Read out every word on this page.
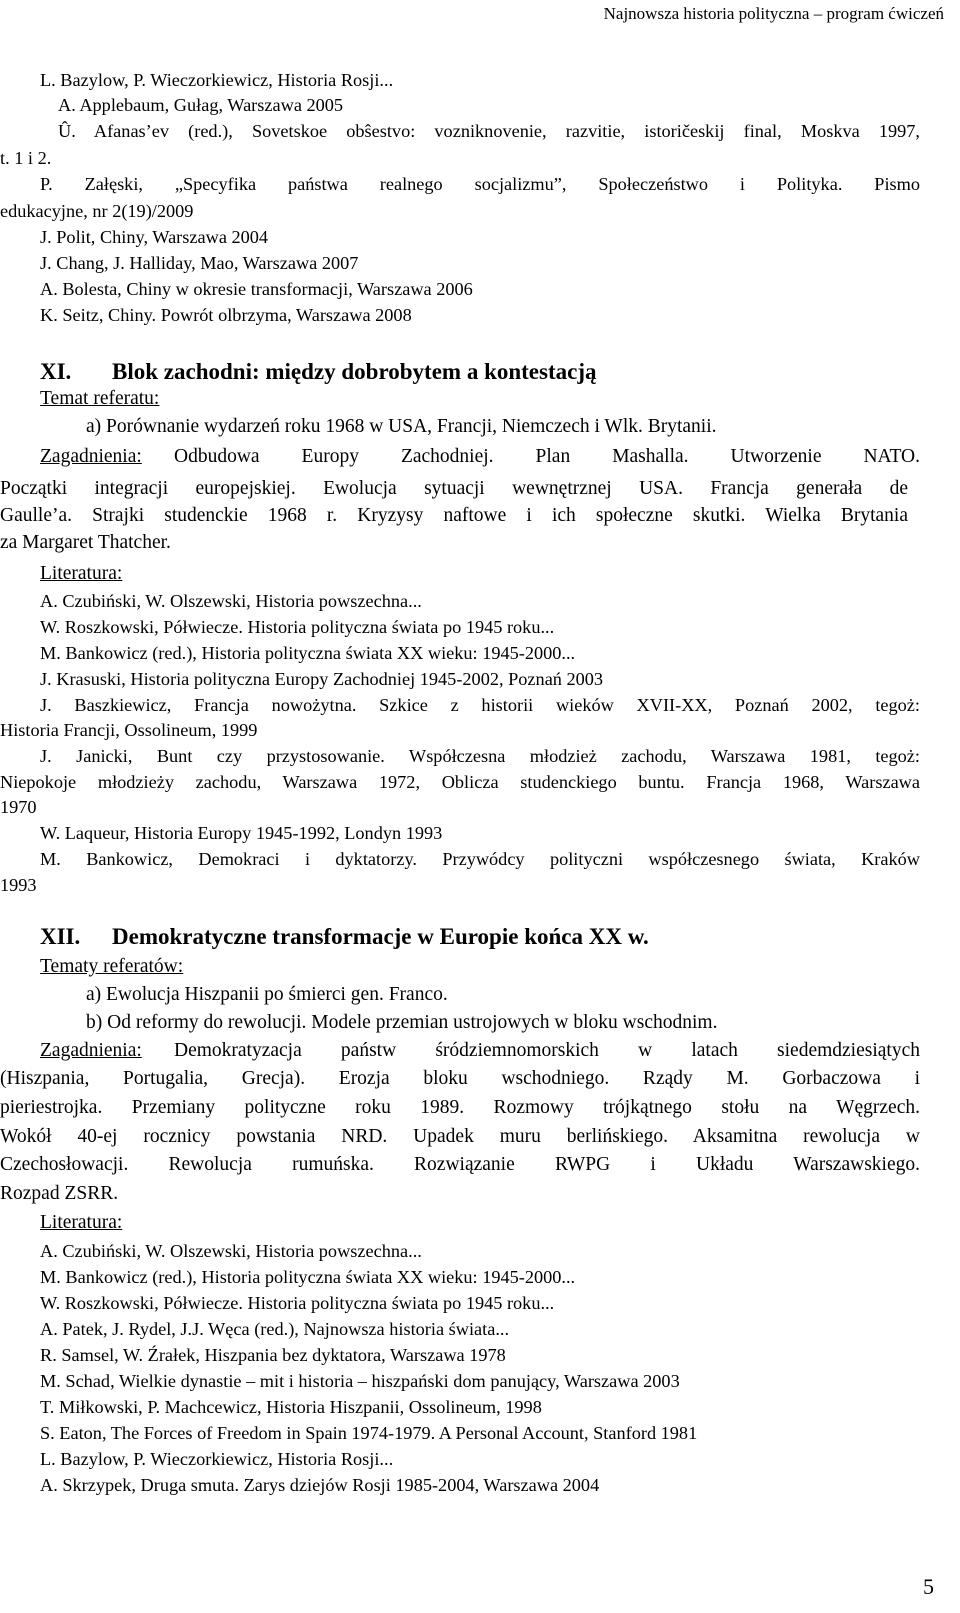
Najnowsza historia polityczna – program ćwiczeń
L. Bazylow, P. Wieczorkiewicz, Historia Rosji...
A. Applebaum, Gułag, Warszawa 2005
Û. Afanas’ev (red.), Sovetskoe obŝestvo: vozniknovenie, razvitie, istoričeskij final, Moskva 1997,
t. 1 i 2.
P. Załęski, „Specyfika państwa realnego socjalizmu”, Społeczeństwo i Polityka. Pismo
edukacyjne, nr 2(19)/2009
J. Polit, Chiny, Warszawa 2004
J. Chang, J. Halliday, Mao, Warszawa 2007
A. Bolesta, Chiny w okresie transformacji, Warszawa 2006
K. Seitz, Chiny. Powrót olbrzyma, Warszawa 2008
XI. Blok zachodni: między dobrobytem a kontestacją
Temat referatu:
a) Porównanie wydarzeń roku 1968 w USA, Francji, Niemczech i Wlk. Brytanii.
Zagadnienia: Odbudowa Europy Zachodniej. Plan Mashalla. Utworzenie NATO.
Początki integracji europejskiej. Ewolucja sytuacji wewnętrznej USA. Francja generała de
Gaulle’a. Strajki studenckie 1968 r. Kryzysy naftowe i ich społeczne skutki. Wielka Brytania
za Margaret Thatcher.
Literatura:
A. Czubiński, W. Olszewski, Historia powszechna...
W. Roszkowski, Półwiecze. Historia polityczna świata po 1945 roku...
M. Bankowicz (red.), Historia polityczna świata XX wieku: 1945-2000...
J. Krasuski, Historia polityczna Europy Zachodniej 1945-2002, Poznań 2003
J. Baszkiewicz, Francja nowożytna. Szkice z historii wieków XVII-XX, Poznań 2002, tegoż:
Historia Francji, Ossolineum, 1999
J. Janicki, Bunt czy przystosowanie. Współczesna młodzież zachodu, Warszawa 1981, tegoż:
Niepokoje młodzieży zachodu, Warszawa 1972, Oblicza studenckiego buntu. Francja 1968, Warszawa
1970
W. Laqueur, Historia Europy 1945-1992, Londyn 1993
M. Bankowicz, Demokraci i dyktatorzy. Przywódcy polityczni współczesnego świata, Kraków
1993
XII. Demokratyczne transformacje w Europie końca XX w.
Tematy referatów:
a) Ewolucja Hiszpanii po śmierci gen. Franco.
b) Od reformy do rewolucji. Modele przemian ustrojowych w bloku wschodnim.
Zagadnienia: Demokratyzacja państw śródziemnomorskich w latach siedemdziesiątych
(Hiszpania, Portugalia, Grecja). Erozja bloku wschodniego. Rządy M. Gorbaczowa i
pieriestrojka. Przemiany polityczne roku 1989. Rozmowy trójkątnego stołu na Węgrzech.
Wokół 40-ej rocznicy powstania NRD. Upadek muru berlińskiego. Aksamitna rewolucja w
Czechosłowacji. Rewolucja rumuńska. Rozwiązanie RWPG i Układu Warszawskiego.
Rozpad ZSRR.
Literatura:
A. Czubiński, W. Olszewski, Historia powszechna...
M. Bankowicz (red.), Historia polityczna świata XX wieku: 1945-2000...
W. Roszkowski, Półwiecze. Historia polityczna świata po 1945 roku...
A. Patek, J. Rydel, J.J. Węca (red.), Najnowsza historia świata...
R. Samsel, W. Źrałek, Hiszpania bez dyktatora, Warszawa 1978
M. Schad, Wielkie dynastie – mit i historia – hiszpański dom panujący, Warszawa 2003
T. Miłkowski, P. Machcewicz, Historia Hiszpanii, Ossolineum, 1998
S. Eaton, The Forces of Freedom in Spain 1974-1979. A Personal Account, Stanford 1981
L. Bazylow, P. Wieczorkiewicz, Historia Rosji...
A. Skrzypek, Druga smuta. Zarys dziejów Rosji 1985-2004, Warszawa 2004
5
